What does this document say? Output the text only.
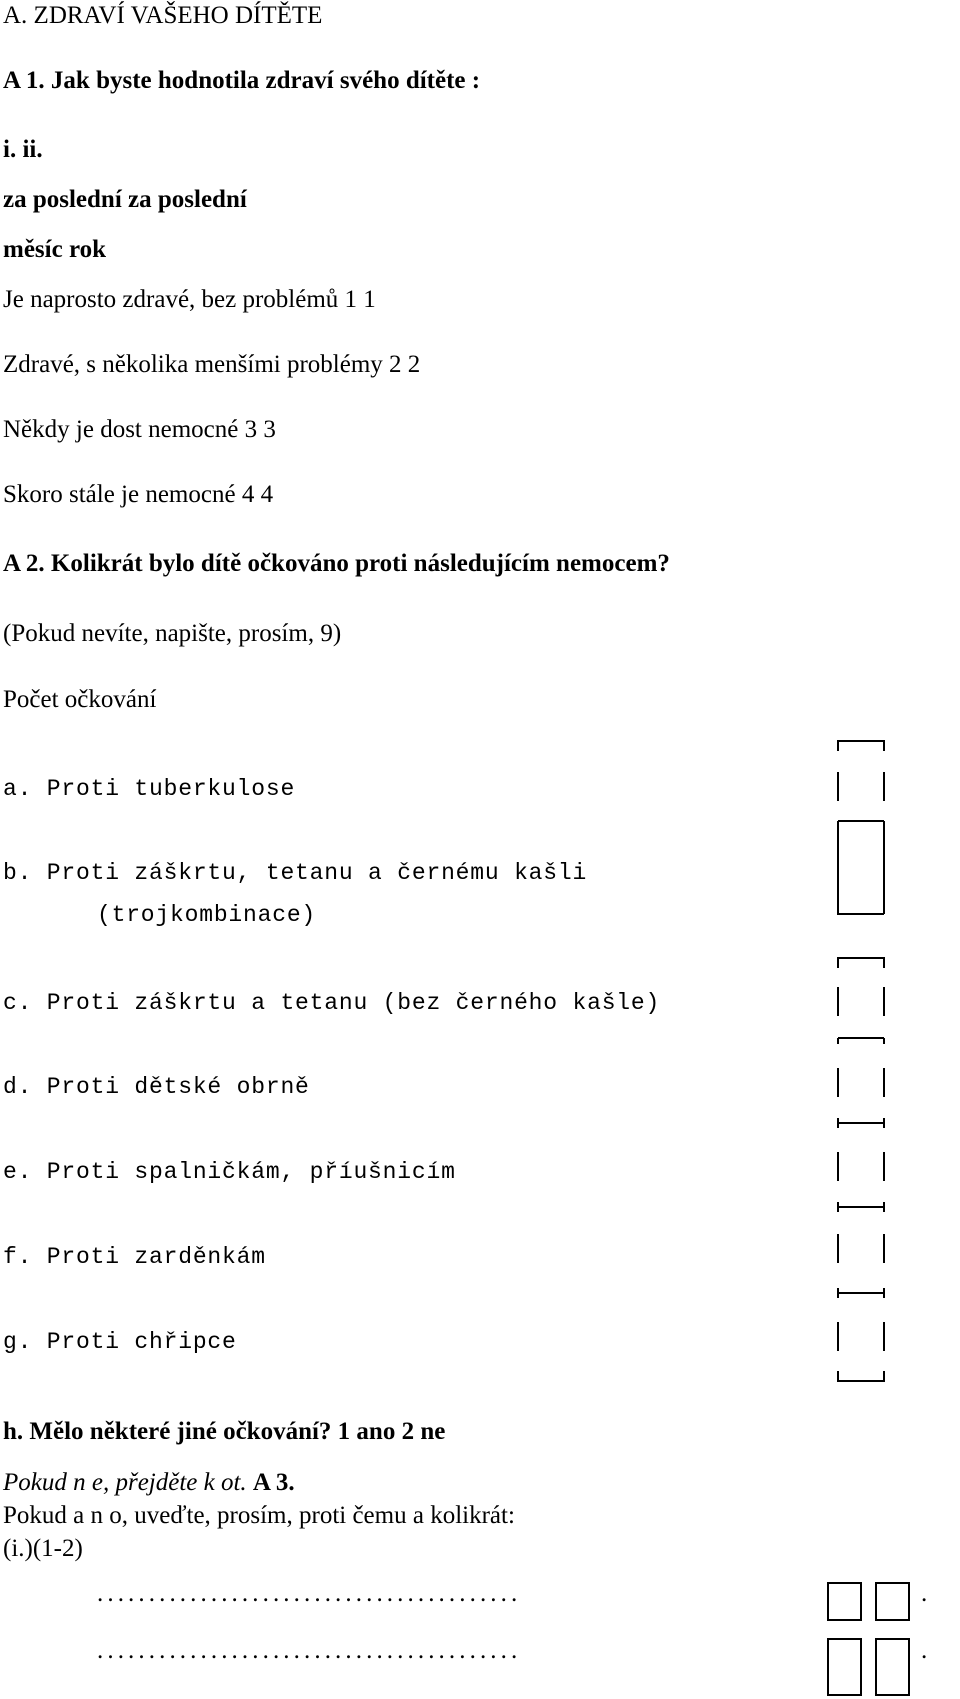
A. ZDRAVÍ VAŠEHO DÍTĚTE
A 1. Jak byste hodnotila zdraví svého dítěte :
i. ii.
za poslední za poslední
měsíc rok
Je naprosto zdravé, bez problémů 1 1
Zdravé, s několika menšími problémy 2 2
Někdy je dost nemocné 3 3
Skoro stále je nemocné 4 4
A 2. Kolikrát bylo dítě očkováno proti následujícím nemocem?
(Pokud nevíte, napište, prosím, 9)
Počet očkování
a. Proti tuberkulose
b. Proti záškrtu, tetanu a černému kašli
(trojkombinace)
c. Proti záškrtu a tetanu (bez černého kašle)
d. Proti dětské obrně
e. Proti spalničkám, příušnicím
f. Proti zarděnkám
g. Proti chřipce
h. Mělo některé jiné očkování? 1 ano 2 ne
Pokud n e, přejděte k ot. A 3.
Pokud a n o, uveďte, prosím, proti čemu a kolikrát:
(i.)(1-2)
.........................................
.........................................
.
.
